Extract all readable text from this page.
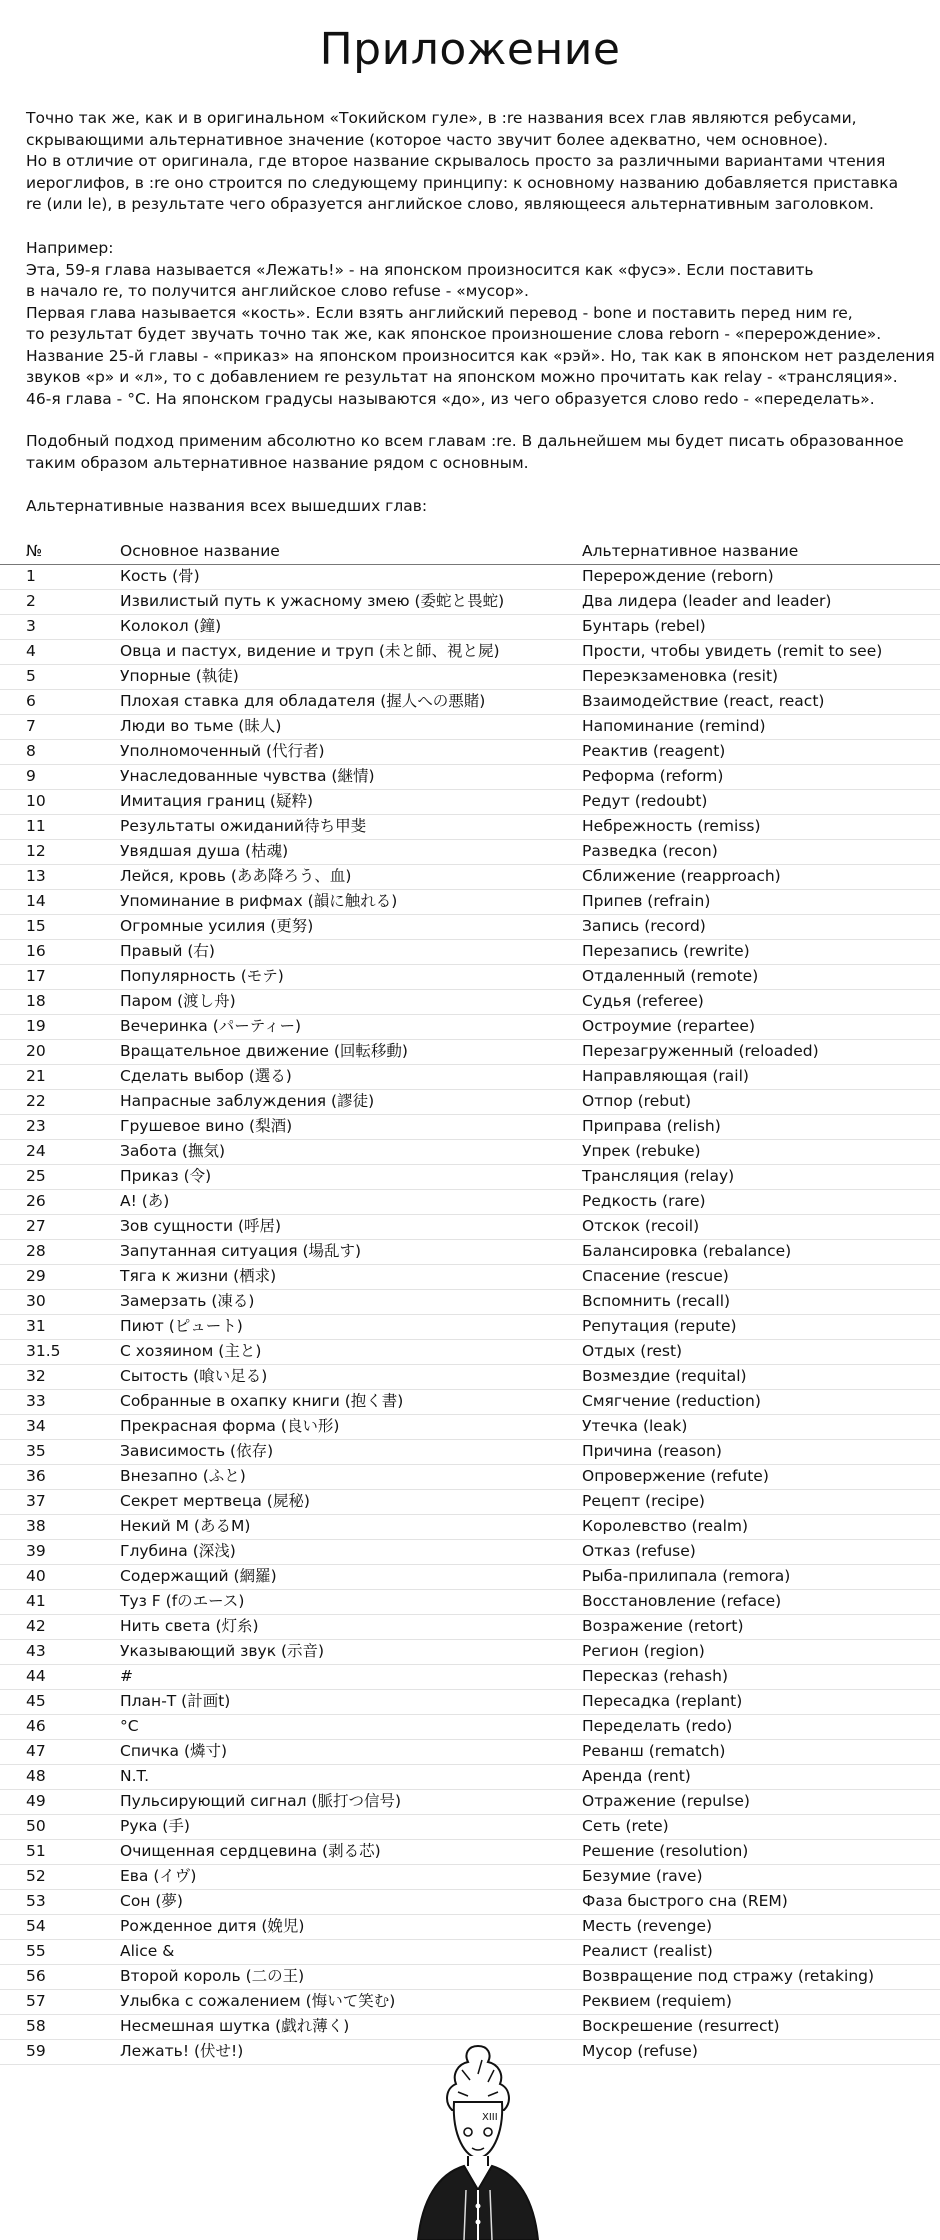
Приложение
Точно так же, как и в оригинальном «Токийском гуле», в :re названия всех глав являются ребусами,
скрывающими альтернативное значение (которое часто звучит более адекватно, чем основное).
Но в отличие от оригинала, где второе название скрывалось просто за различными вариантами чтения
иероглифов, в :re оно строится по следующему принципу: к основному названию добавляется приставка
re (или le), в результате чего образуется английское слово, являющееся альтернативным заголовком.
Например:
Эта, 59-я глава называется «Лежать!» - на японском произносится как «фусэ». Если поставить
в начало re, то получится английское слово refuse - «мусор».
Первая глава называется «кость». Если взять английский перевод - bone и поставить перед ним re,
то результат будет звучать точно так же, как японское произношение слова reborn - «перерождение».
Название 25-й главы - «приказ» на японском произносится как «рэй». Но, так как в японском нет разделения
звуков «р» и «л», то с добавлением re результат на японском можно прочитать как relay - «трансляция».
46-я глава - °С. На японском градусы называются «до», из чего образуется слово redo - «переделать».
Подобный подход применим абсолютно ко всем главам :re. В дальнейшем мы будет писать образованное
таким образом альтернативное название рядом с основным.
Альтернативные названия всех вышедших глав:
№	Основное название	Альтернативное название
1	Кость (骨)	Перерождение (reborn)
2	Извилистый путь к ужасному змею (委蛇と畏蛇)	Два лидера (leader and leader)
3	Колокол (鐘)	Бунтарь (rebel)
4	Овца и пастух, видение и труп (未と師、視と屍)	Прости, чтобы увидеть (remit to see)
5	Упорные (執徒)	Переэкзаменовка (resit)
6	Плохая ставка для обладателя (握人への悪賭)	Взаимодействие (react, react)
7	Люди во тьме (昧人)	Напоминание (remind)
8	Уполномоченный (代行者)	Реактив (reagent)
9	Унаследованные чувства (継情)	Реформа (reform)
10	Имитация границ (疑粋)	Редут (redoubt)
11	Результаты ожиданий待ち甲斐	Небрежность (remiss)
12	Увядшая душа (枯魂)	Разведка (recon)
13	Лейся, кровь (ああ降ろう、血)	Сближение (reapproach)
14	Упоминание в рифмах (韻に触れる)	Припев (refrain)
15	Огромные усилия (更努)	Запись (record)
16	Правый (右)	Перезапись (rewrite)
17	Популярность (モテ)	Отдаленный (remote)
18	Паром (渡し舟)	Судья (referee)
19	Вечеринка (パーティー)	Остроумие (repartee)
20	Вращательное движение (回転移動)	Перезагруженный (reloaded)
21	Сделать выбор (選る)	Направляющая (rail)
22	Напрасные заблуждения (謬徒)	Отпор (rebut)
23	Грушевое вино (梨酒)	Приправа (relish)
24	Забота (撫気)	Упрек (rebuke)
25	Приказ (令)	Трансляция (relay)
26	А! (あ)	Редкость (rare)
27	Зов сущности (呼居)	Отскок (recoil)
28	Запутанная ситуация (場乱す)	Балансировка (rebalance)
29	Тяга к жизни (栖求)	Спасение (rescue)
30	Замерзать (凍る)	Вспомнить (recall)
31	Пиют (ピュート)	Репутация (repute)
31.5	С хозяином (主と)	Отдых (rest)
32	Сытость (喰い足る)	Возмездие (requital)
33	Собранные в охапку книги (抱く書)	Смягчение (reduction)
34	Прекрасная форма (良い形)	Утечка (leak)
35	Зависимость (依存)	Причина (reason)
36	Внезапно (ふと)	Опровержение (refute)
37	Секрет мертвеца (屍秘)	Рецепт (recipe)
38	Некий М (あるM)	Королевство (realm)
39	Глубина (深浅)	Отказ (refuse)
40	Содержащий (網羅)	Рыба-прилипала (remora)
41	Туз F (fのエース)	Восстановление (reface)
42	Нить света (灯糸)	Возражение (retort)
43	Указывающий звук (示音)	Регион (region)
44	#	Пересказ (rehash)
45	План-Т (計画t)	Пересадка (replant)
46	°С	Переделать (redo)
47	Спичка (燐寸)	Реванш (rematch)
48	N.T.	Аренда (rent)
49	Пульсирующий сигнал (脈打つ信号)	Отражение (repulse)
50	Рука (手)	Сеть (rete)
51	Очищенная сердцевина (剥る芯)	Решение (resolution)
52	Ева (イヴ)	Безумие (rave)
53	Сон (夢)	Фаза быстрого сна (REM)
54	Рожденное дитя (娩児)	Месть (revenge)
55	Alice &	Реалист (realist)
56	Второй король (二の王)	Возвращение под стражу (retaking)
57	Улыбка с сожалением (悔いて笑む)	Реквием (requiem)
58	Несмешная шутка (戯れ薄く)	Воскрешение (resurrect)
59	Лежать! (伏せ!)	Мусор (refuse)
XIII
